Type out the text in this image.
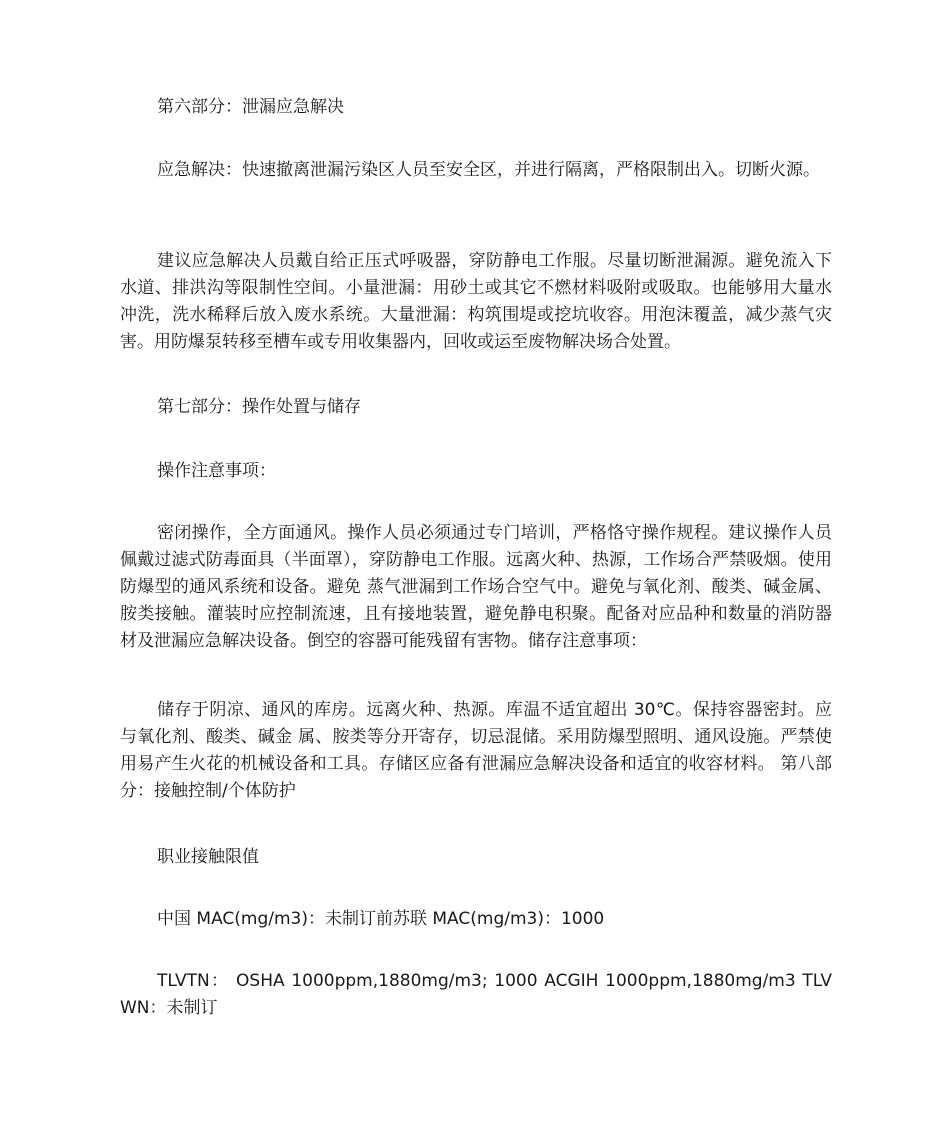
第六部分：泄漏应急解决

应急解决：快速撤离泄漏污染区人员至安全区，并进行隔离，严格限制出入。切断火源。

建议应急解决人员戴自给正压式呼吸器，穿防静电工作服。尽量切断泄漏源。避免流入下水道、排洪沟等限制性空间。小量泄漏：用砂土或其它不燃材料吸附或吸取。也能够用大量水冲洗，洗水稀释后放入废水系统。大量泄漏：构筑围堤或挖坑收容。用泡沫覆盖，减少蒸气灾害。用防爆泵转移至槽车或专用收集器内，回收或运至废物解决场合处置。

第七部分：操作处置与储存

操作注意事项：

密闭操作，全方面通风。操作人员必须通过专门培训，严格恪守操作规程。建议操作人员佩戴过滤式防毒面具（半面罩），穿防静电工作服。远离火种、热源，工作场合严禁吸烟。使用防爆型的通风系统和设备。避免 蒸气泄漏到工作场合空气中。避免与氧化剂、酸类、碱金属、胺类接触。灌装时应控制流速，且有接地装置，避免静电积聚。配备对应品种和数量的消防器材及泄漏应急解决设备。倒空的容器可能残留有害物。储存注意事项：

储存于阴凉、通风的库房。远离火种、热源。库温不适宜超出 30℃。保持容器密封。应与氧化剂、酸类、碱金 属、胺类等分开寄存，切忌混储。采用防爆型照明、通风设施。严禁使用易产生火花的机械设备和工具。存储区应备有泄漏应急解决设备和适宜的收容材料。 第八部分：接触控制/个体防护

职业接触限值

中国 MAC(mg/m3)：未制订前苏联 MAC(mg/m3)：1000

TLVTN： OSHA 1000ppm,1880mg/m3; 1000 ACGIH 1000ppm,1880mg/m3 TLVWN：未制订
